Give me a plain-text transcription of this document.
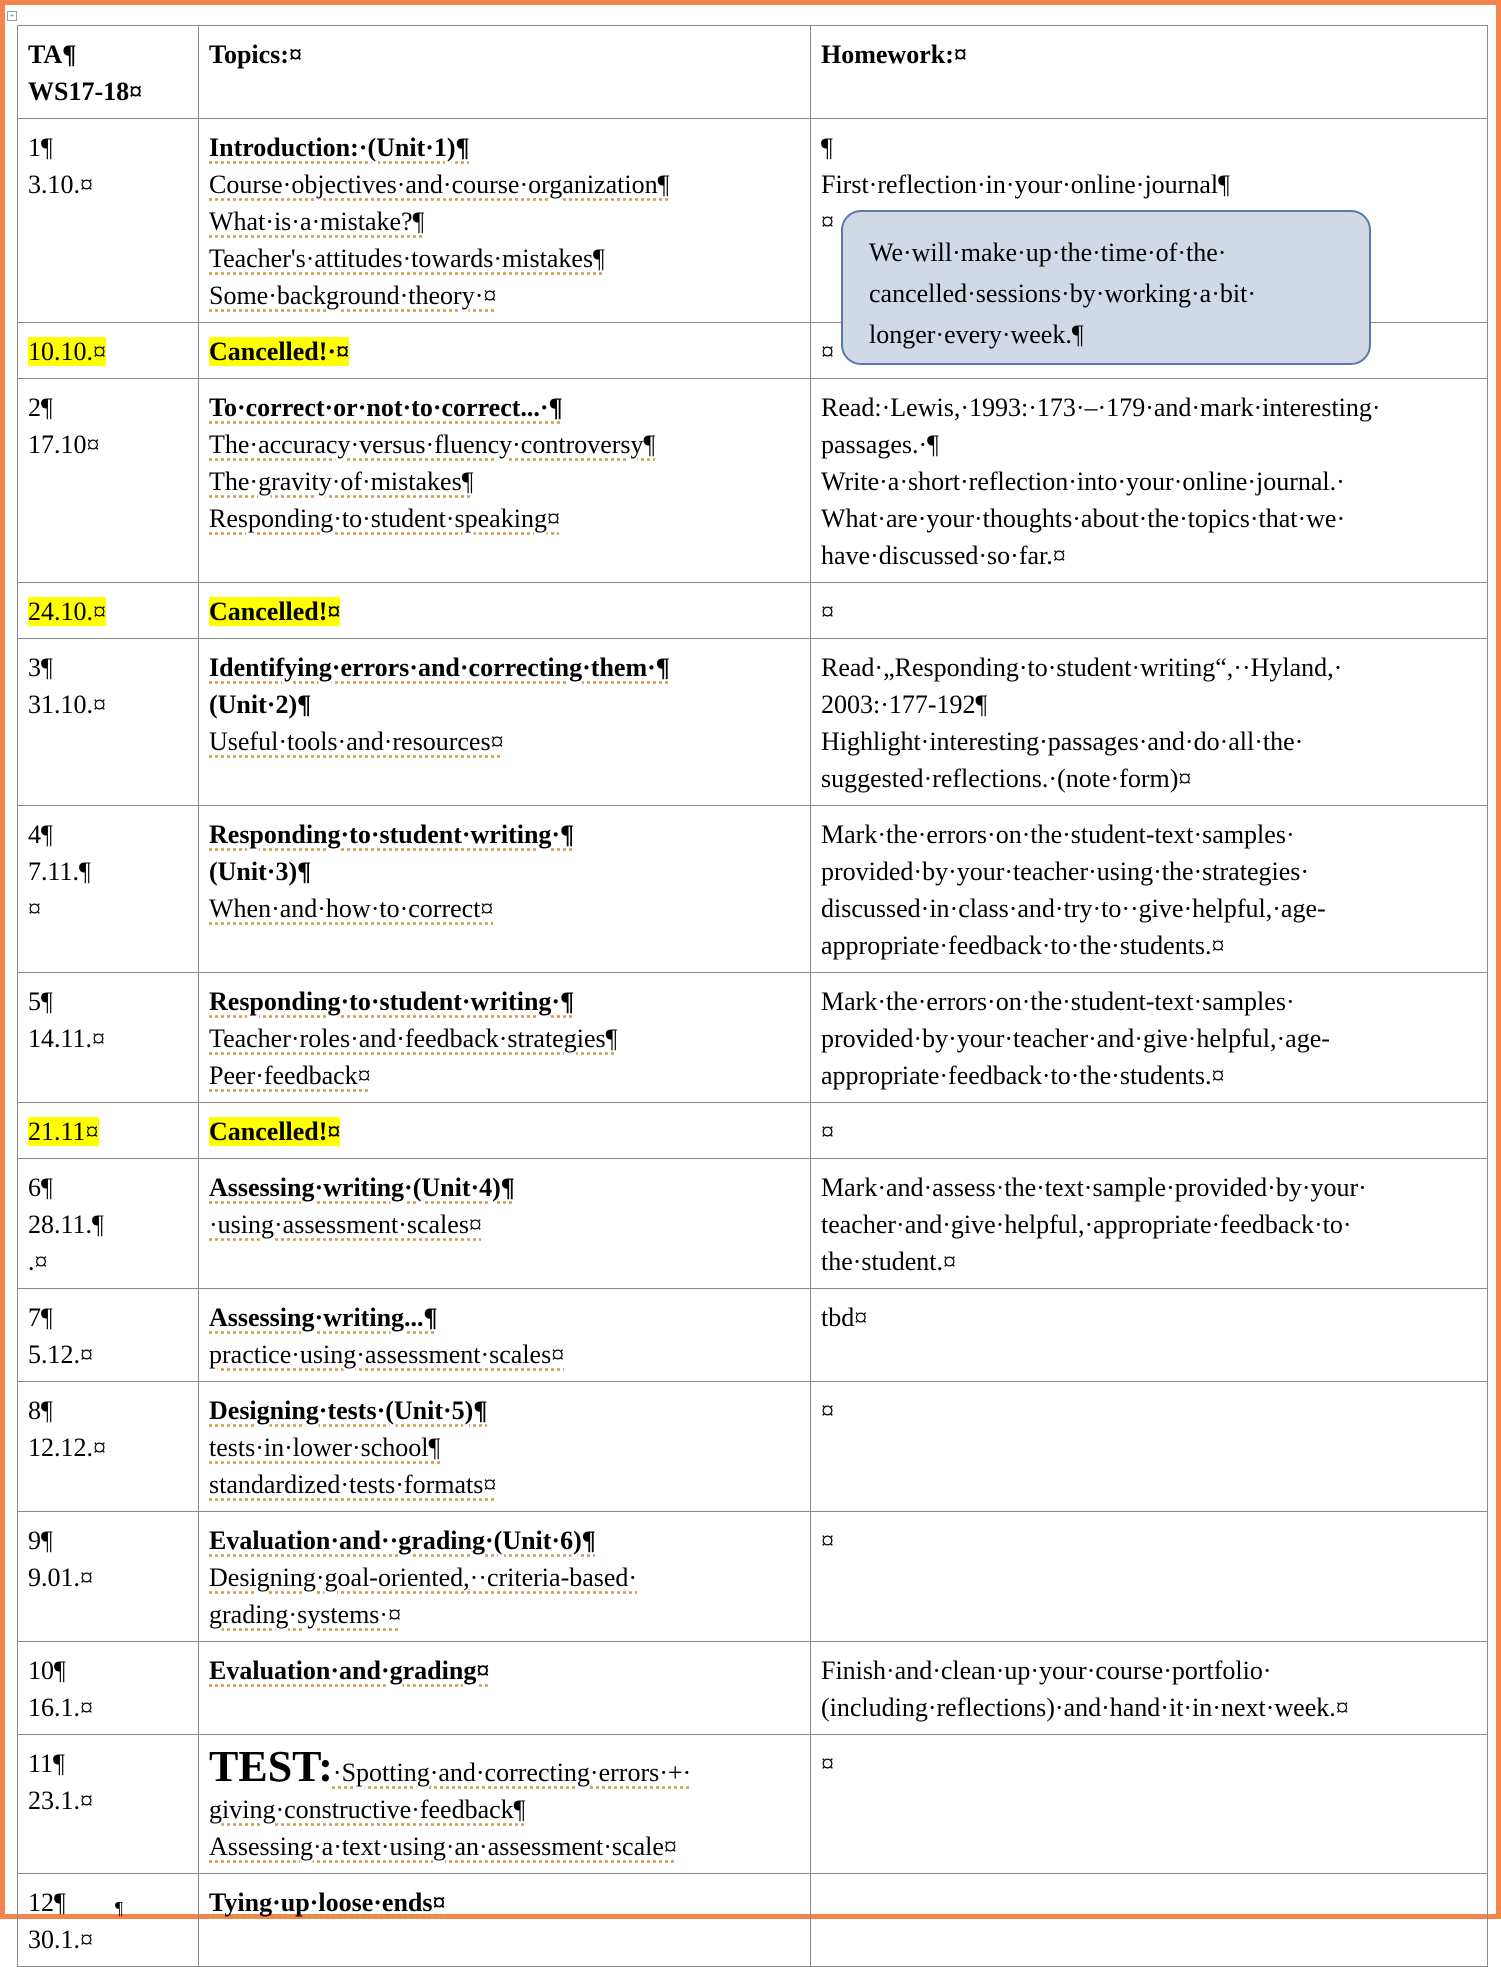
+
TA¶
WS17-18¤	Topics:¤	Homework:¤

1¶
3.10.¤	Introduction:·(Unit·1)¶
Course·objectives·and·course·organization¶
What·is·a·mistake?¶
Teacher's·attitudes·towards·mistakes¶
Some·background·theory·¤	¶
First·reflection·in·your·online·journal¶
¤

10.10.¤	Cancelled!·¤	¤

2¶
17.10¤	To·correct·or·not·to·correct...·¶
The·accuracy·versus·fluency·controversy¶
The·gravity·of·mistakes¶
Responding·to·student·speaking¤	Read:·Lewis,·1993:·173·–·179·and·mark·interesting·
passages.·¶
Write·a·short·reflection·into·your·online·journal.·
What·are·your·thoughts·about·the·topics·that·we·
have·discussed·so·far.¤

24.10.¤	Cancelled!¤	¤

3¶
31.10.¤	Identifying·errors·and·correcting·them·¶
(Unit·2)¶
Useful·tools·and·resources¤	Read·„Responding·to·student·writing“,··Hyland,·
2003:·177-192¶
Highlight·interesting·passages·and·do·all·the·
suggested·reflections.·(note·form)¤

4¶
7.11.¶
¤	Responding·to·student·writing·¶
(Unit·3)¶
When·and·how·to·correct¤	Mark·the·errors·on·the·student-text·samples·
provided·by·your·teacher·using·the·strategies·
discussed·in·class·and·try·to··give·helpful,·age-
appropriate·feedback·to·the·students.¤

5¶
14.11.¤	Responding·to·student·writing·¶
Teacher·roles·and·feedback·strategies¶
Peer·feedback¤	Mark·the·errors·on·the·student-text·samples·
provided·by·your·teacher·and·give·helpful,·age-
appropriate·feedback·to·the·students.¤

21.11¤	Cancelled!¤	¤

6¶
28.11.¶
.¤	Assessing·writing·(Unit·4)¶
·using·assessment·scales¤	Mark·and·assess·the·text·sample·provided·by·your·
teacher·and·give·helpful,·appropriate·feedback·to·
the·student.¤

7¶
5.12.¤	Assessing·writing...¶
practice·using·assessment·scales¤	tbd¤

8¶
12.12.¤	Designing·tests·(Unit·5)¶
tests·in·lower·school¶
standardized·tests·formats¤	¤

9¶
9.01.¤	Evaluation·and··grading·(Unit·6)¶
Designing·goal-oriented,··criteria-based·
grading·systems·¤	¤

10¶
16.1.¤	Evaluation·and·grading¤	Finish·and·clean·up·your·course·portfolio·
(including·reflections)·and·hand·it·in·next·week.¤

11¶
23.1.¤	TEST:·Spotting·and·correcting·errors·+·
giving·constructive·feedback¶
Assessing·a·text·using·an·assessment·scale¤	¤

12¶
30.1.¤	Tying·up·loose·ends¤	

We·will·make·up·the·time·of·the·
cancelled·sessions·by·working·a·bit·
longer·every·week.¶
¶
